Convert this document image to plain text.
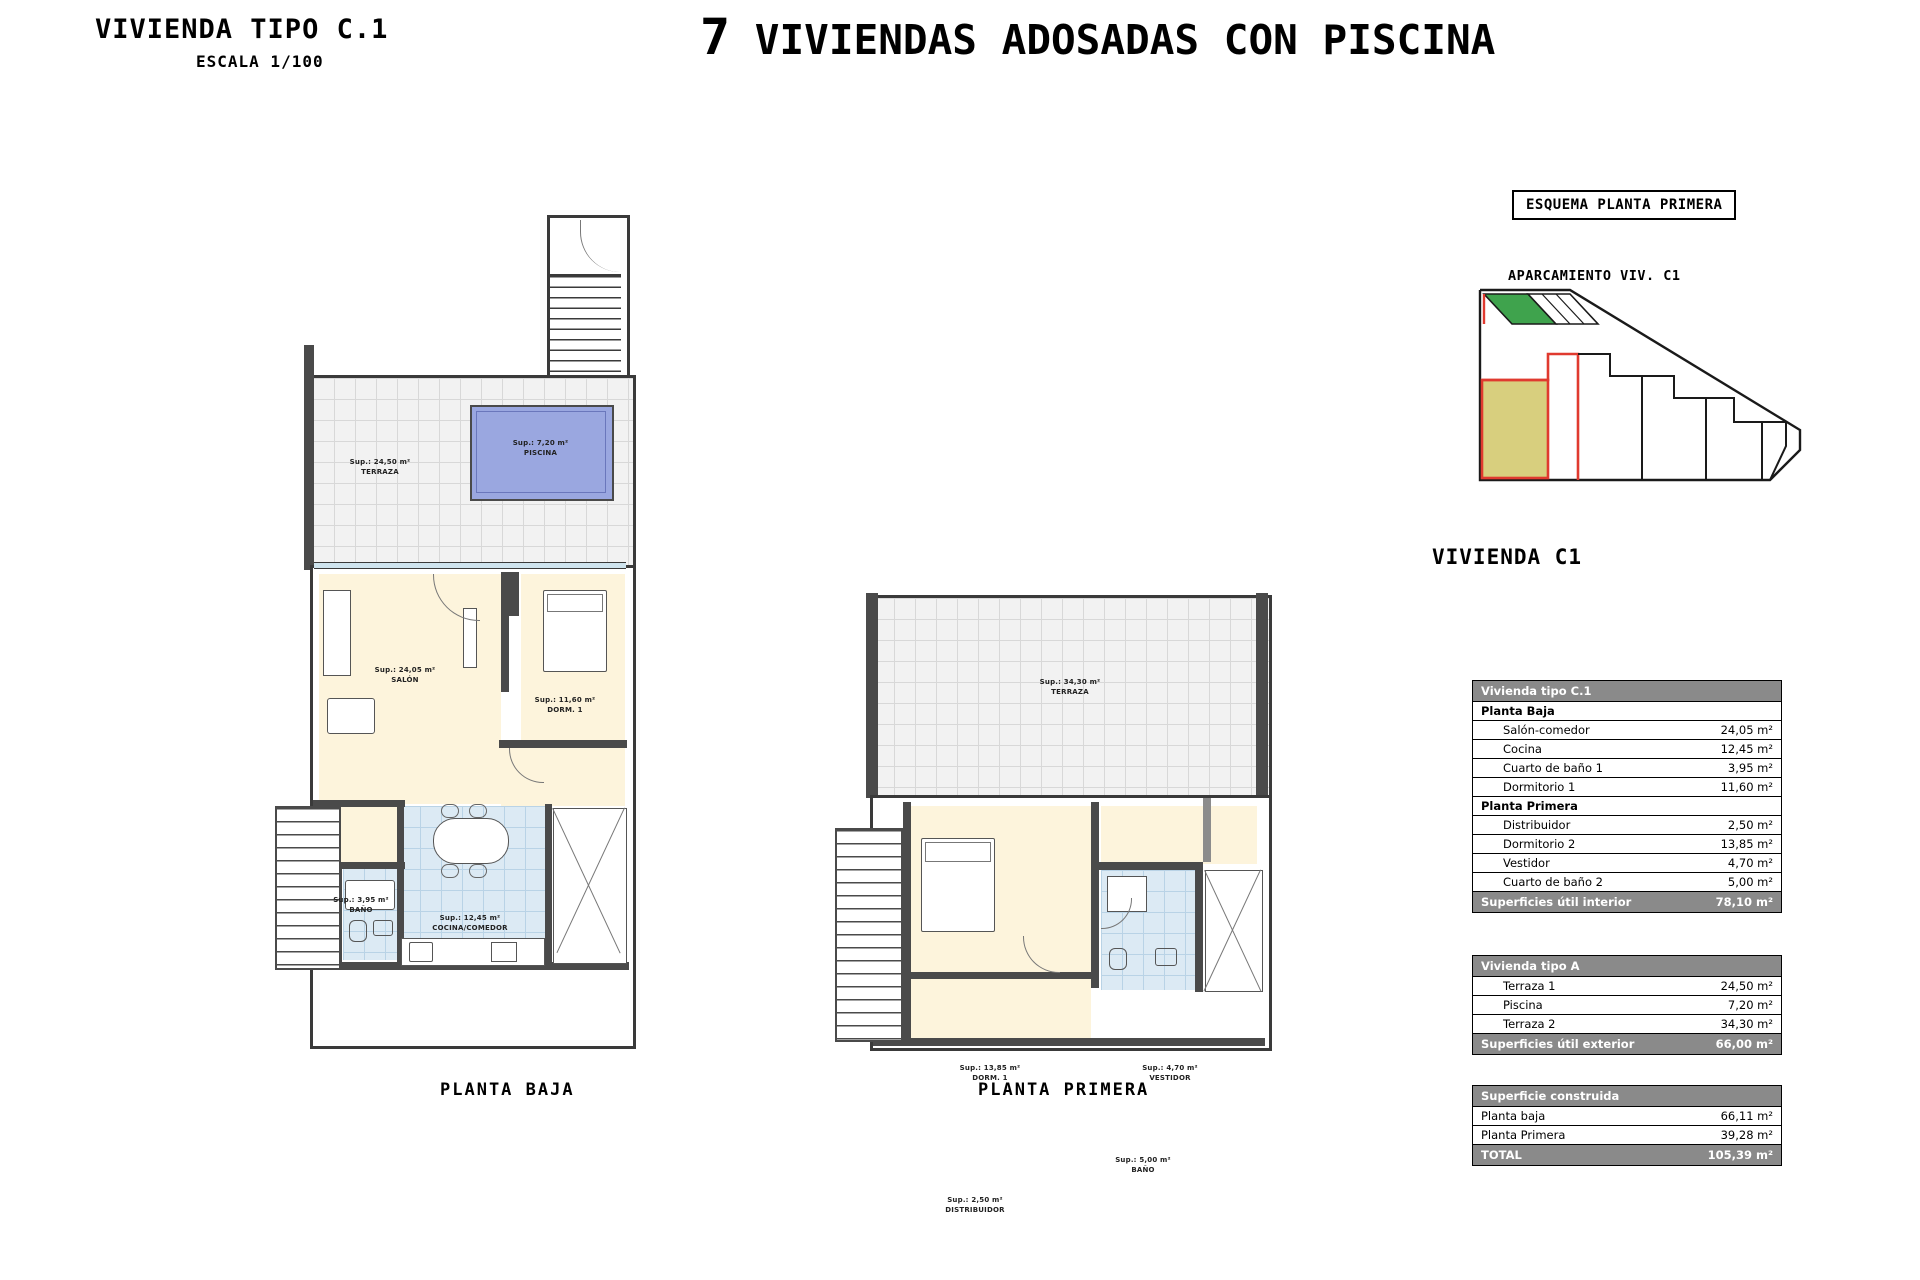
VIVIENDA TIPO C.1
ESCALA 1/100	7 VIVIENDAS ADOSADAS CON PISCINA
Sup.: 24,50 m²
TERRAZA
Sup.: 7,20 m²
PISCINA
Sup.: 24,05 m²
SALÓN
Sup.: 11,60 m²
DORM. 1
Sup.: 3,95 m²
BAÑO
Sup.: 12,45 m²
COCINA/COMEDOR
PLANTA BAJA
Sup.: 34,30 m²
TERRAZA
Sup.: 13,85 m²
DORM. 1
Sup.: 4,70 m²
VESTIDOR
Sup.: 5,00 m²
BAÑO
Sup.: 2,50 m²
DISTRIBUIDOR
PLANTA PRIMERA
ESQUEMA PLANTA PRIMERA
APARCAMIENTO VIV. C1
VIVIENDA C1
Vivienda tipo C.1
Planta Baja
Salón-comedor	24,05 m²
Cocina	12,45 m²
Cuarto de baño 1	3,95 m²
Dormitorio 1	11,60 m²
Planta Primera
Distribuidor	2,50 m²
Dormitorio 2	13,85 m²
Vestidor	4,70 m²
Cuarto de baño 2	5,00 m²
Superficies útil interior	78,10 m²
Vivienda tipo A
Terraza 1	24,50 m²
Piscina	7,20 m²
Terraza 2	34,30 m²
Superficies útil exterior	66,00 m²
Superficie construida
Planta baja	66,11 m²
Planta Primera	39,28 m²
TOTAL	105,39 m²
